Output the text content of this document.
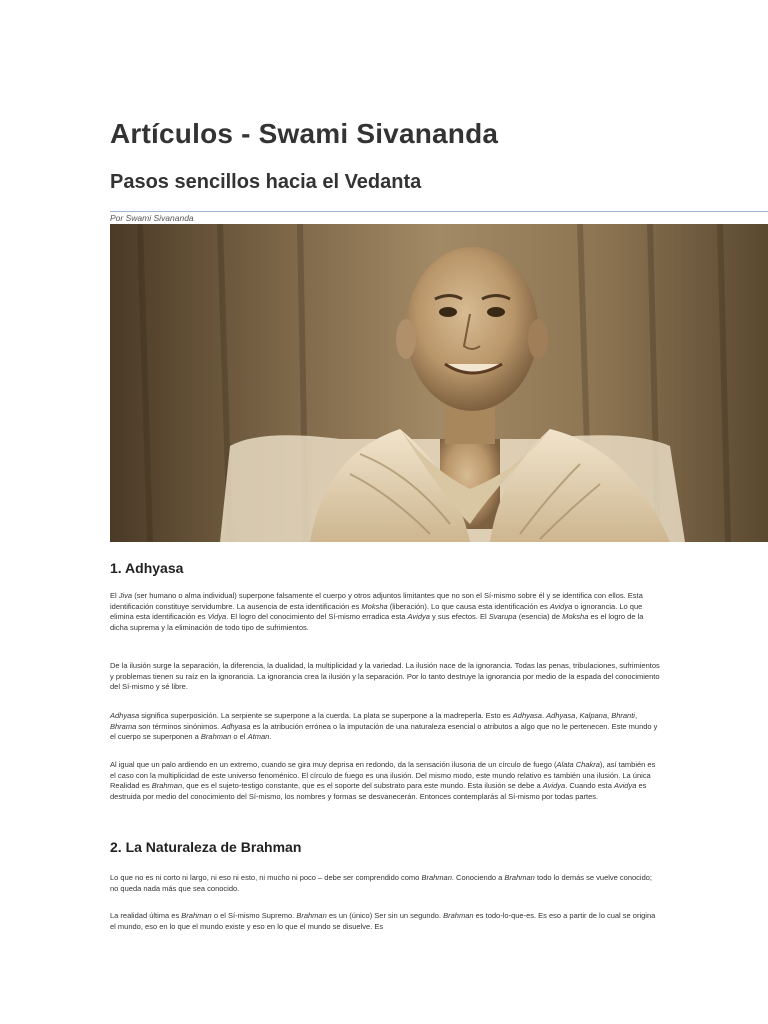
Artículos - Swami Sivananda
Pasos sencillos hacia el Vedanta
Por Swami Sivananda
1. Adhyasa

El Jiva (ser humano o alma individual) superpone falsamente el cuerpo y otros adjuntos limitantes que no son el Sí-mismo sobre él y se identifica con ellos. Esta identificación constituye servidumbre. La ausencia de esta identificación es Moksha (liberación). Lo que causa esta identificación es Avidya o ignorancia. Lo que elimina esta identificación es Vidya. El logro del conocimiento del Sí-mismo erradica esta Avidya y sus efectos. El Svarupa (esencia) de Moksha es el logro de la dicha suprema y la eliminación de todo tipo de sufrimientos.

De la ilusión surge la separación, la diferencia, la dualidad, la multiplicidad y la variedad. La ilusión nace de la ignorancia. Todas las penas, tribulaciones, sufrimientos y problemas tienen su raíz en la ignorancia. La ignorancia crea la ilusión y la separación. Por lo tanto destruye la ignorancia por medio de la espada del conocimiento del Sí-mismo y sé libre.

Adhyasa significa superposición. La serpiente se superpone a la cuerda. La plata se superpone a la madreperla. Esto es Adhyasa. Adhyasa, Kalpana, Bhranti, Bhrama son términos sinónimos. Adhyasa es la atribución errónea o la imputación de una naturaleza esencial o atributos a algo que no le pertenecen. Este mundo y el cuerpo se superponen a Brahman o el Atman.

Al igual que un palo ardiendo en un extremo, cuando se gira muy deprisa en redondo, da la sensación ilusoria de un círculo de fuego (Alata Chakra), así también es el caso con la multiplicidad de este universo fenoménico. El círculo de fuego es una ilusión. Del mismo modo, este mundo relativo es también una ilusión. La única Realidad es Brahman, que es el sujeto-testigo constante, que es el soporte del substrato para este mundo. Esta ilusión se debe a Avidya. Cuando esta Avidya es destruida por medio del conocimiento del Sí-mismo, los nombres y formas se desvanecerán. Entonces contemplarás al Sí-mismo por todas partes.

2. La Naturaleza de Brahman

Lo que no es ni corto ni largo, ni eso ni esto, ni mucho ni poco – debe ser comprendido como Brahman. Conociendo a Brahman todo lo demás se vuelve conocido; no queda nada más que sea conocido.

La realidad última es Brahman o el Sí-mismo Supremo. Brahman es un (único) Ser sin un segundo. Brahman es todo-lo-que-es. Es eso a partir de lo cual se origina el mundo, eso en lo que el mundo existe y eso en lo que el mundo se disuelve. Es
